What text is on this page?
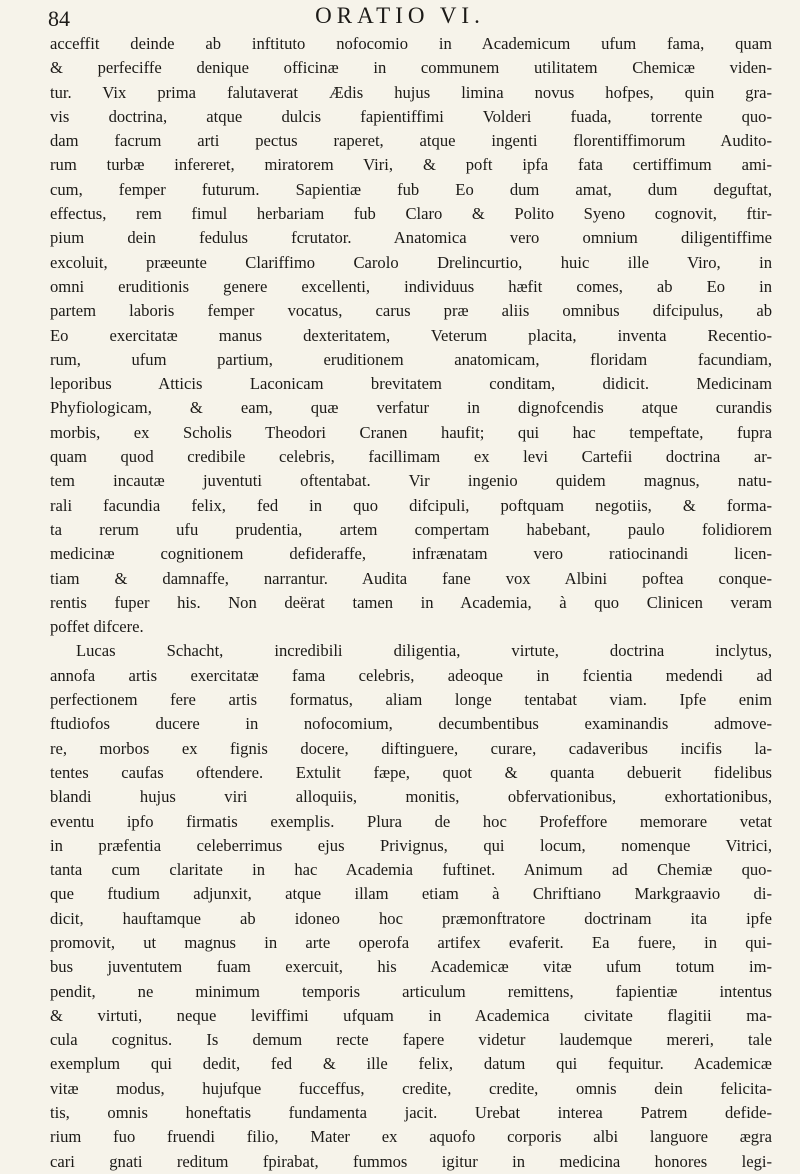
84	ORATIO VI.
acceffit deinde ab inftituto nofocomio in Academicum ufum fama, quam
& perfeciffe denique officinæ in communem utilitatem Chemicæ viden-
tur. Vix prima falutaverat Ædis hujus limina novus hofpes, quin gra-
vis doctrina, atque dulcis fapientiffimi Volderi fuada, torrente quo-
dam facrum arti pectus raperet, atque ingenti florentiffimorum Audito-
rum turbæ infereret, miratorem Viri, & poft ipfa fata certiffimum ami-
cum, femper futurum. Sapientiæ fub Eo dum amat, dum deguftat,
effectus, rem fimul herbariam fub Claro & Polito Syeno cognovit, ftir-
pium dein fedulus fcrutator. Anatomica vero omnium diligentiffime
excoluit, præeunte Clariffimo Carolo Drelincurtio, huic ille Viro, in
omni eruditionis genere excellenti, individuus hæfit comes, ab Eo in
partem laboris femper vocatus, carus præ aliis omnibus difcipulus, ab
Eo exercitatæ manus dexteritatem, Veterum placita, inventa Recentio-
rum, ufum partium, eruditionem anatomicam, floridam facundiam,
leporibus Atticis Laconicam brevitatem conditam, didicit. Medicinam
Phyfiologicam, & eam, quæ verfatur in dignofcendis atque curandis
morbis, ex Scholis Theodori Cranen haufit; qui hac tempeftate, fupra
quam quod credibile celebris, facillimam ex levi Cartefii doctrina ar-
tem incautæ juventuti oftentabat. Vir ingenio quidem magnus, natu-
rali facundia felix, fed in quo difcipuli, poftquam negotiis, & forma-
ta rerum ufu prudentia, artem compertam habebant, paulo folidiorem
medicinæ cognitionem defideraffe, infrænatam vero ratiocinandi licen-
tiam & damnaffe, narrantur. Audita fane vox Albini poftea conque-
rentis fuper his. Non deërat tamen in Academia, à quo Clinicen veram
poffet difcere.
Lucas Schacht, incredibili diligentia, virtute, doctrina inclytus,
annofa artis exercitatæ fama celebris, adeoque in fcientia medendi ad
perfectionem fere artis formatus, aliam longe tentabat viam. Ipfe enim
ftudiofos ducere in nofocomium, decumbentibus examinandis admove-
re, morbos ex fignis docere, diftinguere, curare, cadaveribus incifis la-
tentes caufas oftendere. Extulit fæpe, quot & quanta debuerit fidelibus
blandi hujus viri alloquiis, monitis, obfervationibus, exhortationibus,
eventu ipfo firmatis exemplis. Plura de hoc Profeffore memorare vetat
in præfentia celeberrimus ejus Privignus, qui locum, nomenque Vitrici,
tanta cum claritate in hac Academia fuftinet. Animum ad Chemiæ quo-
que ftudium adjunxit, atque illam etiam à Chriftiano Markgraavio di-
dicit, hauftamque ab idoneo hoc præmonftratore doctrinam ita ipfe
promovit, ut magnus in arte operofa artifex evaferit. Ea fuere, in qui-
bus juventutem fuam exercuit, his Academicæ vitæ ufum totum im-
pendit, ne minimum temporis articulum remittens, fapientiæ intentus
& virtuti, neque leviffimi ufquam in Academica civitate flagitii ma-
cula cognitus. Is demum recte fapere videtur laudemque mereri, tale
exemplum qui dedit, fed & ille felix, datum qui fequitur. Academicæ
vitæ modus, hujufque fucceffus, credite, credite, omnis dein felicita-
tis, omnis honeftatis fundamenta jacit. Urebat interea Patrem defide-
rium fuo fruendi filio, Mater ex aquofo corporis albi languore ægra
cari gnati reditum fpirabat, fummos igitur in medicina honores legi-
